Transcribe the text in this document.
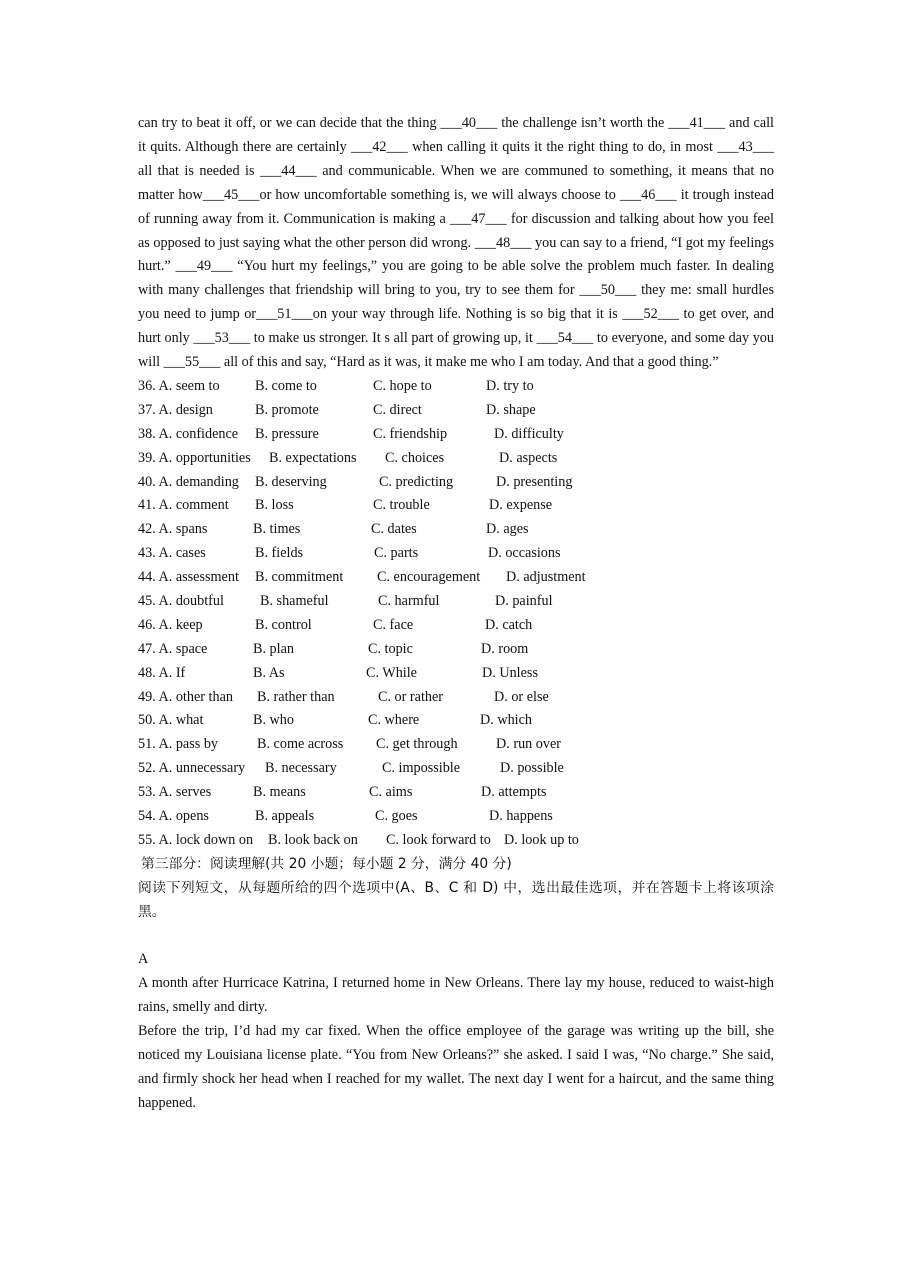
can try to beat it off, or we can decide that the thing ___40___ the challenge isn’t worth the ___41___ and call it quits. Although there are certainly ___42___ when calling it quits it the right thing to do, in most ___43___ all that is needed is ___44___ and communicable. When we are communed to something, it means that no matter how___45___or how uncomfortable something is, we will always choose to ___46___ it trough instead of running away from it. Communication is making a ___47___ for discussion and talking about how you feel as opposed to just saying what the other person did wrong. ___48___ you can say to a friend, “I got my feelings hurt.” ___49___ “You hurt my feelings,” you are going to be able solve the problem much faster. In dealing with many challenges that friendship will bring to you, try to see them for ___50___ they me: small hurdles you need to jump or___51___on your way through life. Nothing is so big that it is ___52___ to get over, and hurt only ___53___ to make us stronger. It s all part of growing up, it ___54___ to everyone, and some day you will ___55___ all of this and say, “Hard as it was, it make me who I am today. And that a good thing.”

36. A. seem to B. come to	C. hope to	D. try to
37. A. design	B. promote	C. direct	D. shape
38. A. confidence B. pressure	C. friendship	D. difficulty
39. A. opportunities B. expectations C. choices	D. aspects
40. A. demanding B. deserving	C. predicting	D. presenting
41. A. comment B. loss	C. trouble	D. expense
42. A. spans	B. times	C. dates	D. ages
43. A. cases	B. fields	C. parts	D. occasions
44. A. assessment B. commitment C. encouragement D. adjustment
45. A. doubtful	B. shameful	C. harmful	D. painful
46. A. keep	B. control	C. face	D. catch
47. A. space	B. plan	C. topic	D. room
48. A. If	B. As	C. While	D. Unless
49. A. other than B. rather than	C. or rather	D. or else
50. A. what	B. who	C. where	D. which
51. A. pass by	B. come across C. get through	D. run over
52. A. unnecessary B. necessary	C. impossible	D. possible
53. A. serves	B. means	C. aims	D. attempts
54. A. opens	B. appeals	C. goes	D. happens
55. A. lock down on B. look back on C. look forward to D. look up to
第三部分：阅读理解(共 20 小题；每小题 2 分，满分 40 分)

阅读下列短文，从每题所给的四个选项中(A、B、C 和 D) 中，选出最佳选项，并在答题卡上将该项涂黑。

A

A month after Hurricace Katrina, I returned home in New Orleans. There lay my house, reduced to waist-high rains, smelly and dirty.

Before the trip, I’d had my car fixed. When the office employee of the garage was writing up the bill, she noticed my Louisiana license plate. “You from New Orleans?” she asked. I said I was, “No charge.” She said, and firmly shock her head when I reached for my wallet. The next day I went for a haircut, and the same thing happened.
